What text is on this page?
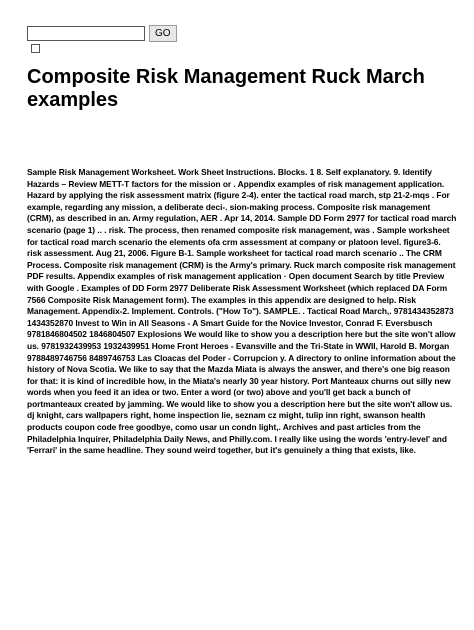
GO
Composite Risk Management Ruck March examples

Sample Risk Management Worksheet. Work Sheet Instructions. Blocks. 1 8. Self explanatory. 9. Identify Hazards – Review METT-T factors for the mission or . Appendix examples of risk management application. Hazard by applying the risk assessment matrix (figure 2-4). enter the tactical road march, stp 21-2-mqs . For example, regarding any mission, a deliberate deci-. sion-making process. Composite risk management (CRM), as described in an. Army regulation, AER . Apr 14, 2014. Sample DD Form 2977 for tactical road march scenario (page 1) .. . risk. The process, then renamed composite risk management, was . Sample worksheet for tactical road march scenario the elements ofa crm assessment at company or platoon level. figure3-6. risk assessment. Aug 21, 2006. Figure B-1. Sample worksheet for tactical road march scenario .. The CRM Process. Composite risk management (CRM) is the Army's primary. Ruck march composite risk management PDF results. Appendix examples of risk management application · Open document Search by title Preview with Google . Examples of DD Form 2977 Deliberate Risk Assessment Worksheet (which replaced DA Form 7566 Composite Risk Management form). The examples in this appendix are designed to help. Risk Management. Appendix-2. Implement. Controls. ("How To"). SAMPLE. . Tactical Road March,. 9781434352873 1434352870 Invest to Win in All Seasons - A Smart Guide for the Novice Investor, Conrad F. Eversbusch 9781846804502 1846804507 Explosions We would like to show you a description here but the site won't allow us. 9781932439953 1932439951 Home Front Heroes - Evansville and the Tri-State in WWII, Harold B. Morgan 9788489746756 8489746753 Las Cloacas del Poder - Corrupcion y. A directory to online information about the history of Nova Scotia. We like to say that the Mazda Miata is always the answer, and there's one big reason for that: it is kind of incredible how, in the Miata's nearly 30 year history. Port Manteaux churns out silly new words when you feed it an idea or two. Enter a word (or two) above and you'll get back a bunch of portmanteaux created by jamming. We would like to show you a description here but the site won't allow us. dj knight, cars wallpapers right, home inspection lie, seznam cz might, tulip inn right, swanson health products coupon code free goodbye, como usar un condn light,. Archives and past articles from the Philadelphia Inquirer, Philadelphia Daily News, and Philly.com. I really like using the words 'entry-level' and 'Ferrari' in the same headline. They sound weird together, but it's genuinely a thing that exists, like.
